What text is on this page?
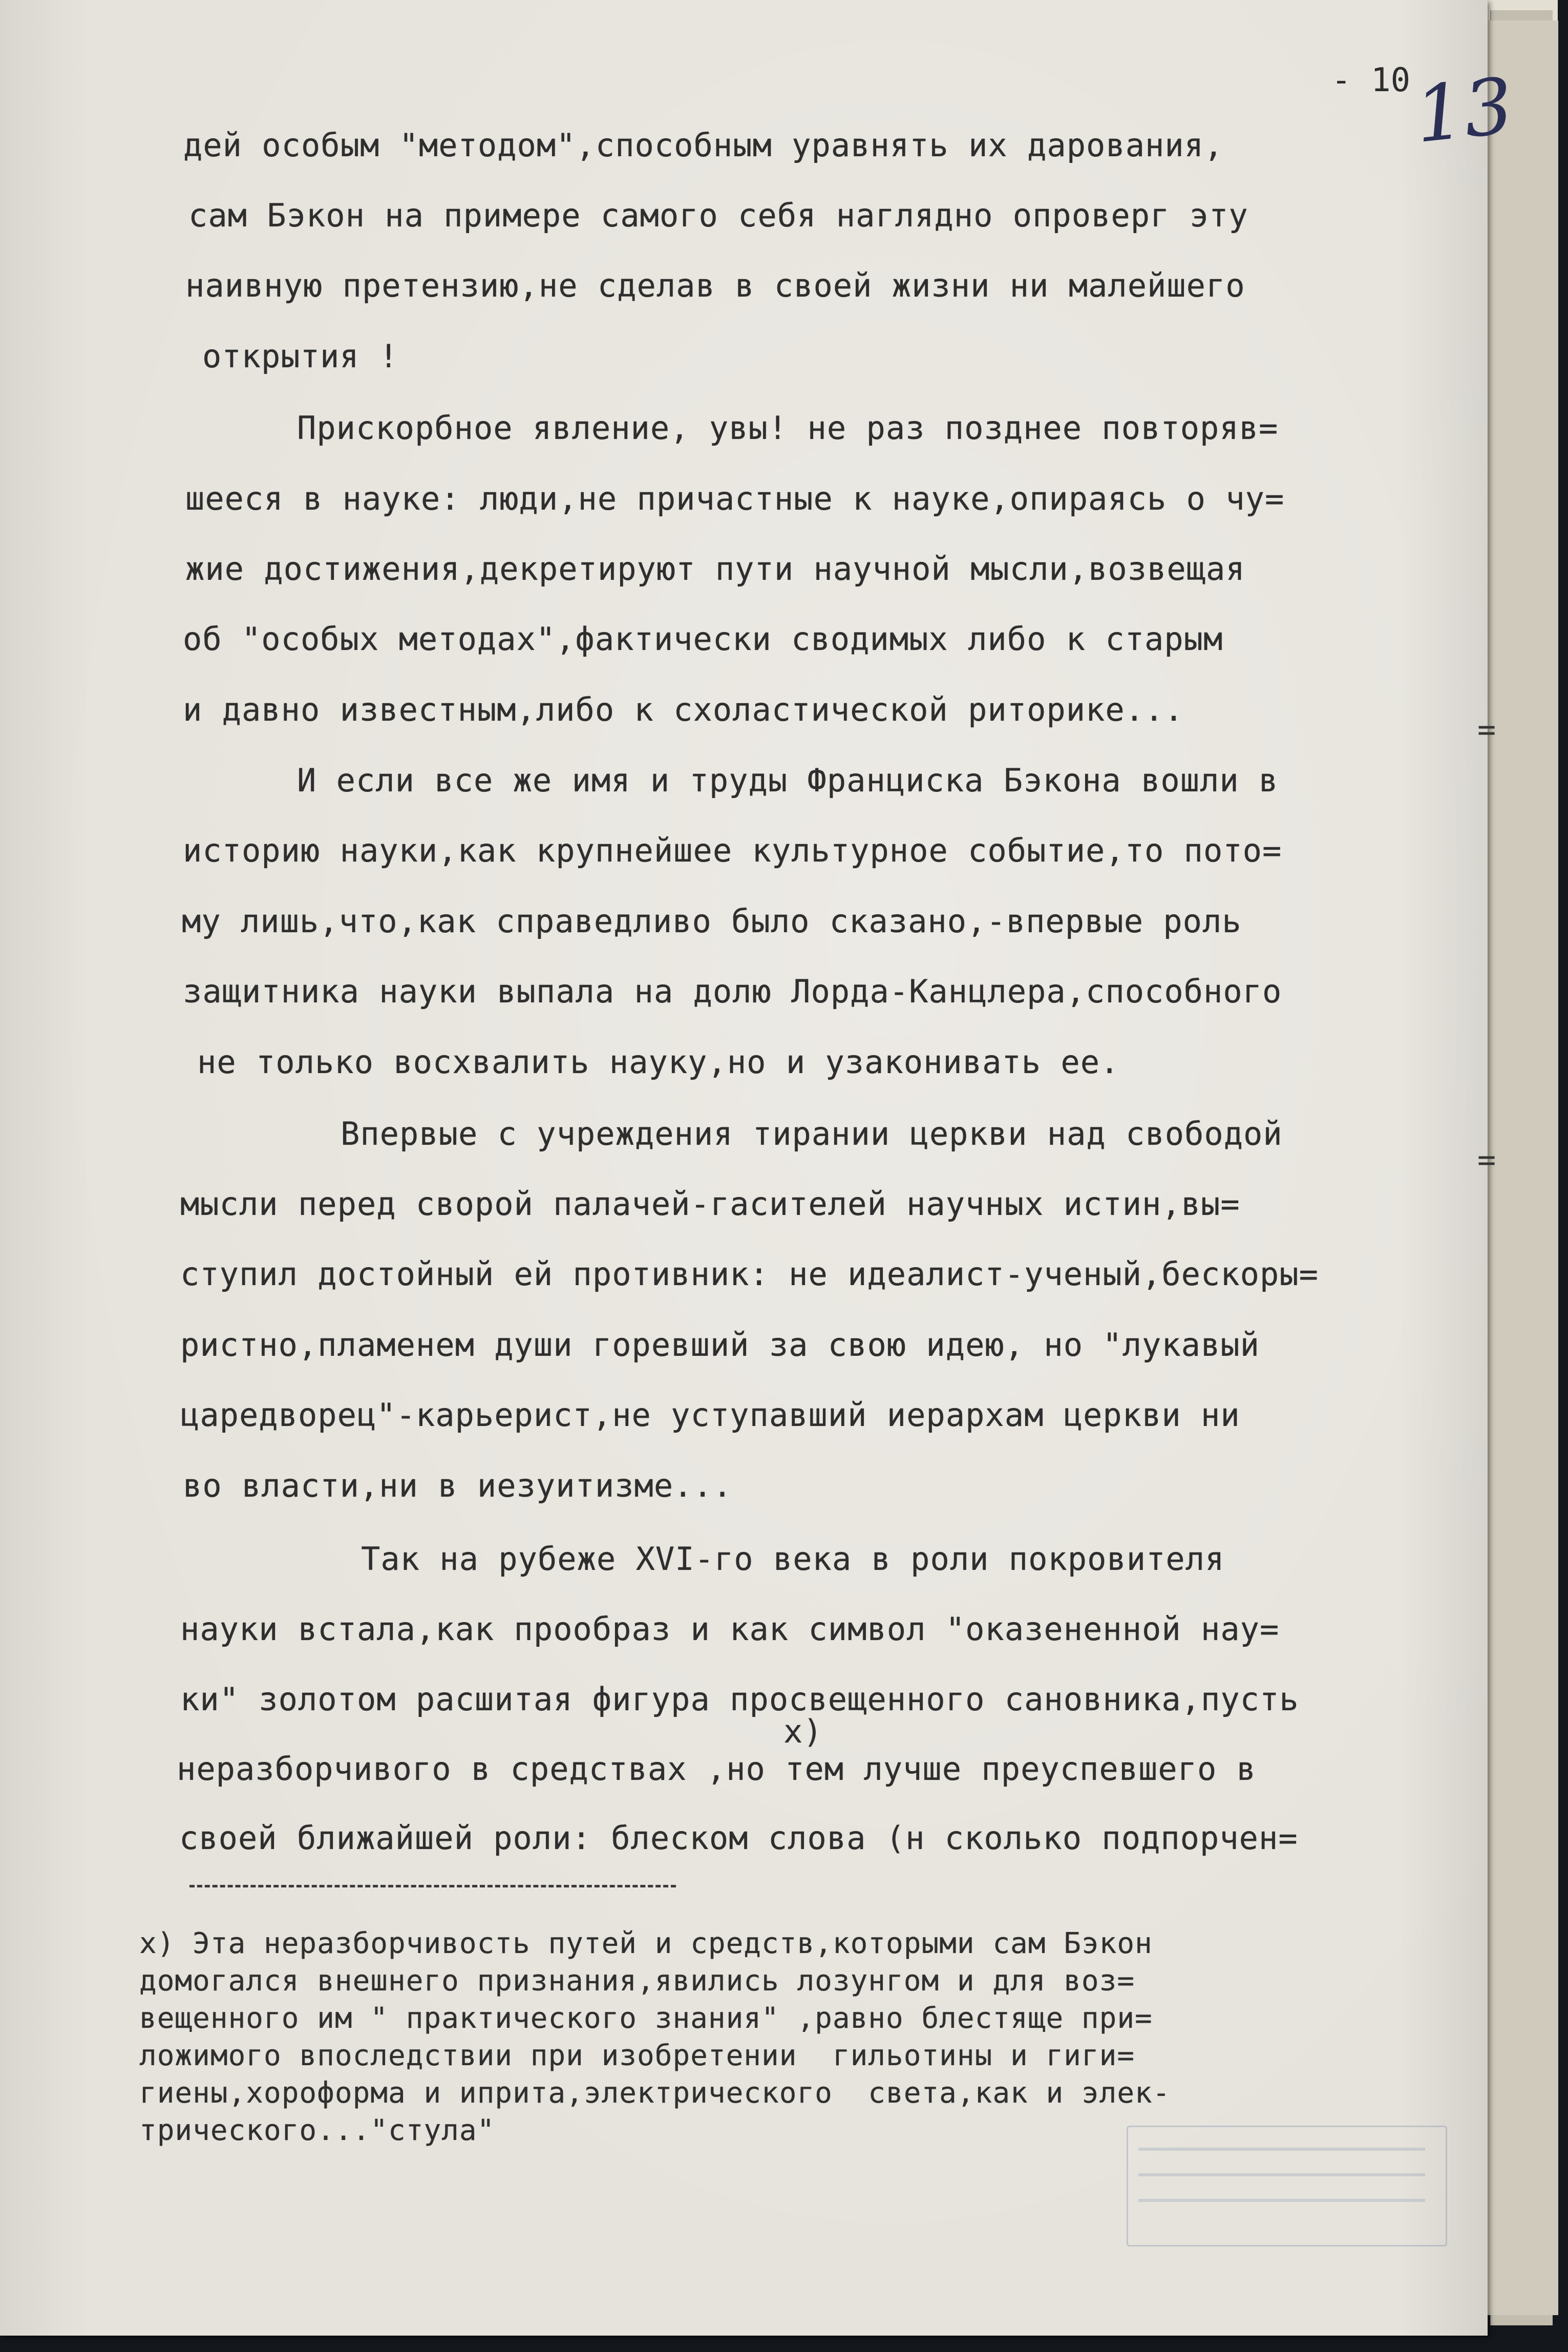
- 10 13
дей особым "методом",способным уравнять их дарования,
сам Бэкон на примере самого себя наглядно опроверг эту
наивную претензию,не сделав в своей жизни ни малейшего
открытия !
Прискорбное явление, увы! не раз позднее повторяв=
шееся в науке: люди,не причастные к науке,опираясь о чу=
жие достижения,декретируют пути научной мысли,возвещая
об "особых методах",фактически сводимых либо к старым
и давно известным,либо к схоластической риторике...
И если все же имя и труды Франциска Бэкона вошли в
историю науки,как крупнейшее культурное событие,то пото=
му лишь,что,как справедливо было сказано,-впервые роль
защитника науки выпала на долю Лорда-Канцлера,способного
не только восхвалить науку,но и узаконивать ее.
Впервые с учреждения тирании церкви над свободой
мысли перед сворой палачей-гасителей научных истин,вы=
ступил достойный ей противник: не идеалист-ученый,бескоры=
ристно,пламенем души горевший за свою идею, но "лукавый
царедворец"-карьерист,не уступавший иерархам церкви ни
во власти,ни в иезуитизме...
Так на рубеже XVI-го века в роли покровителя
науки встала,как прообраз и как символ "оказененной нау=
ки" золотом расшитая фигура просвещенного сановника,пусть
x)
неразборчивого в средствах ,но тем лучше преуспевшего в
своей ближайшей роли: блеском слова (н сколько подпорчен=
x) Эта неразборчивость путей и средств,которыми сам Бэкон
домогался внешнего признания,явились лозунгом и для воз=
вещенного им " практического знания" ,равно блестяще при=
ложимого впоследствии при изобретении  гильотины и гиги=
гиены,хороформа и иприта,электрического  света,как и элек-
трического..."стула"
=
=
